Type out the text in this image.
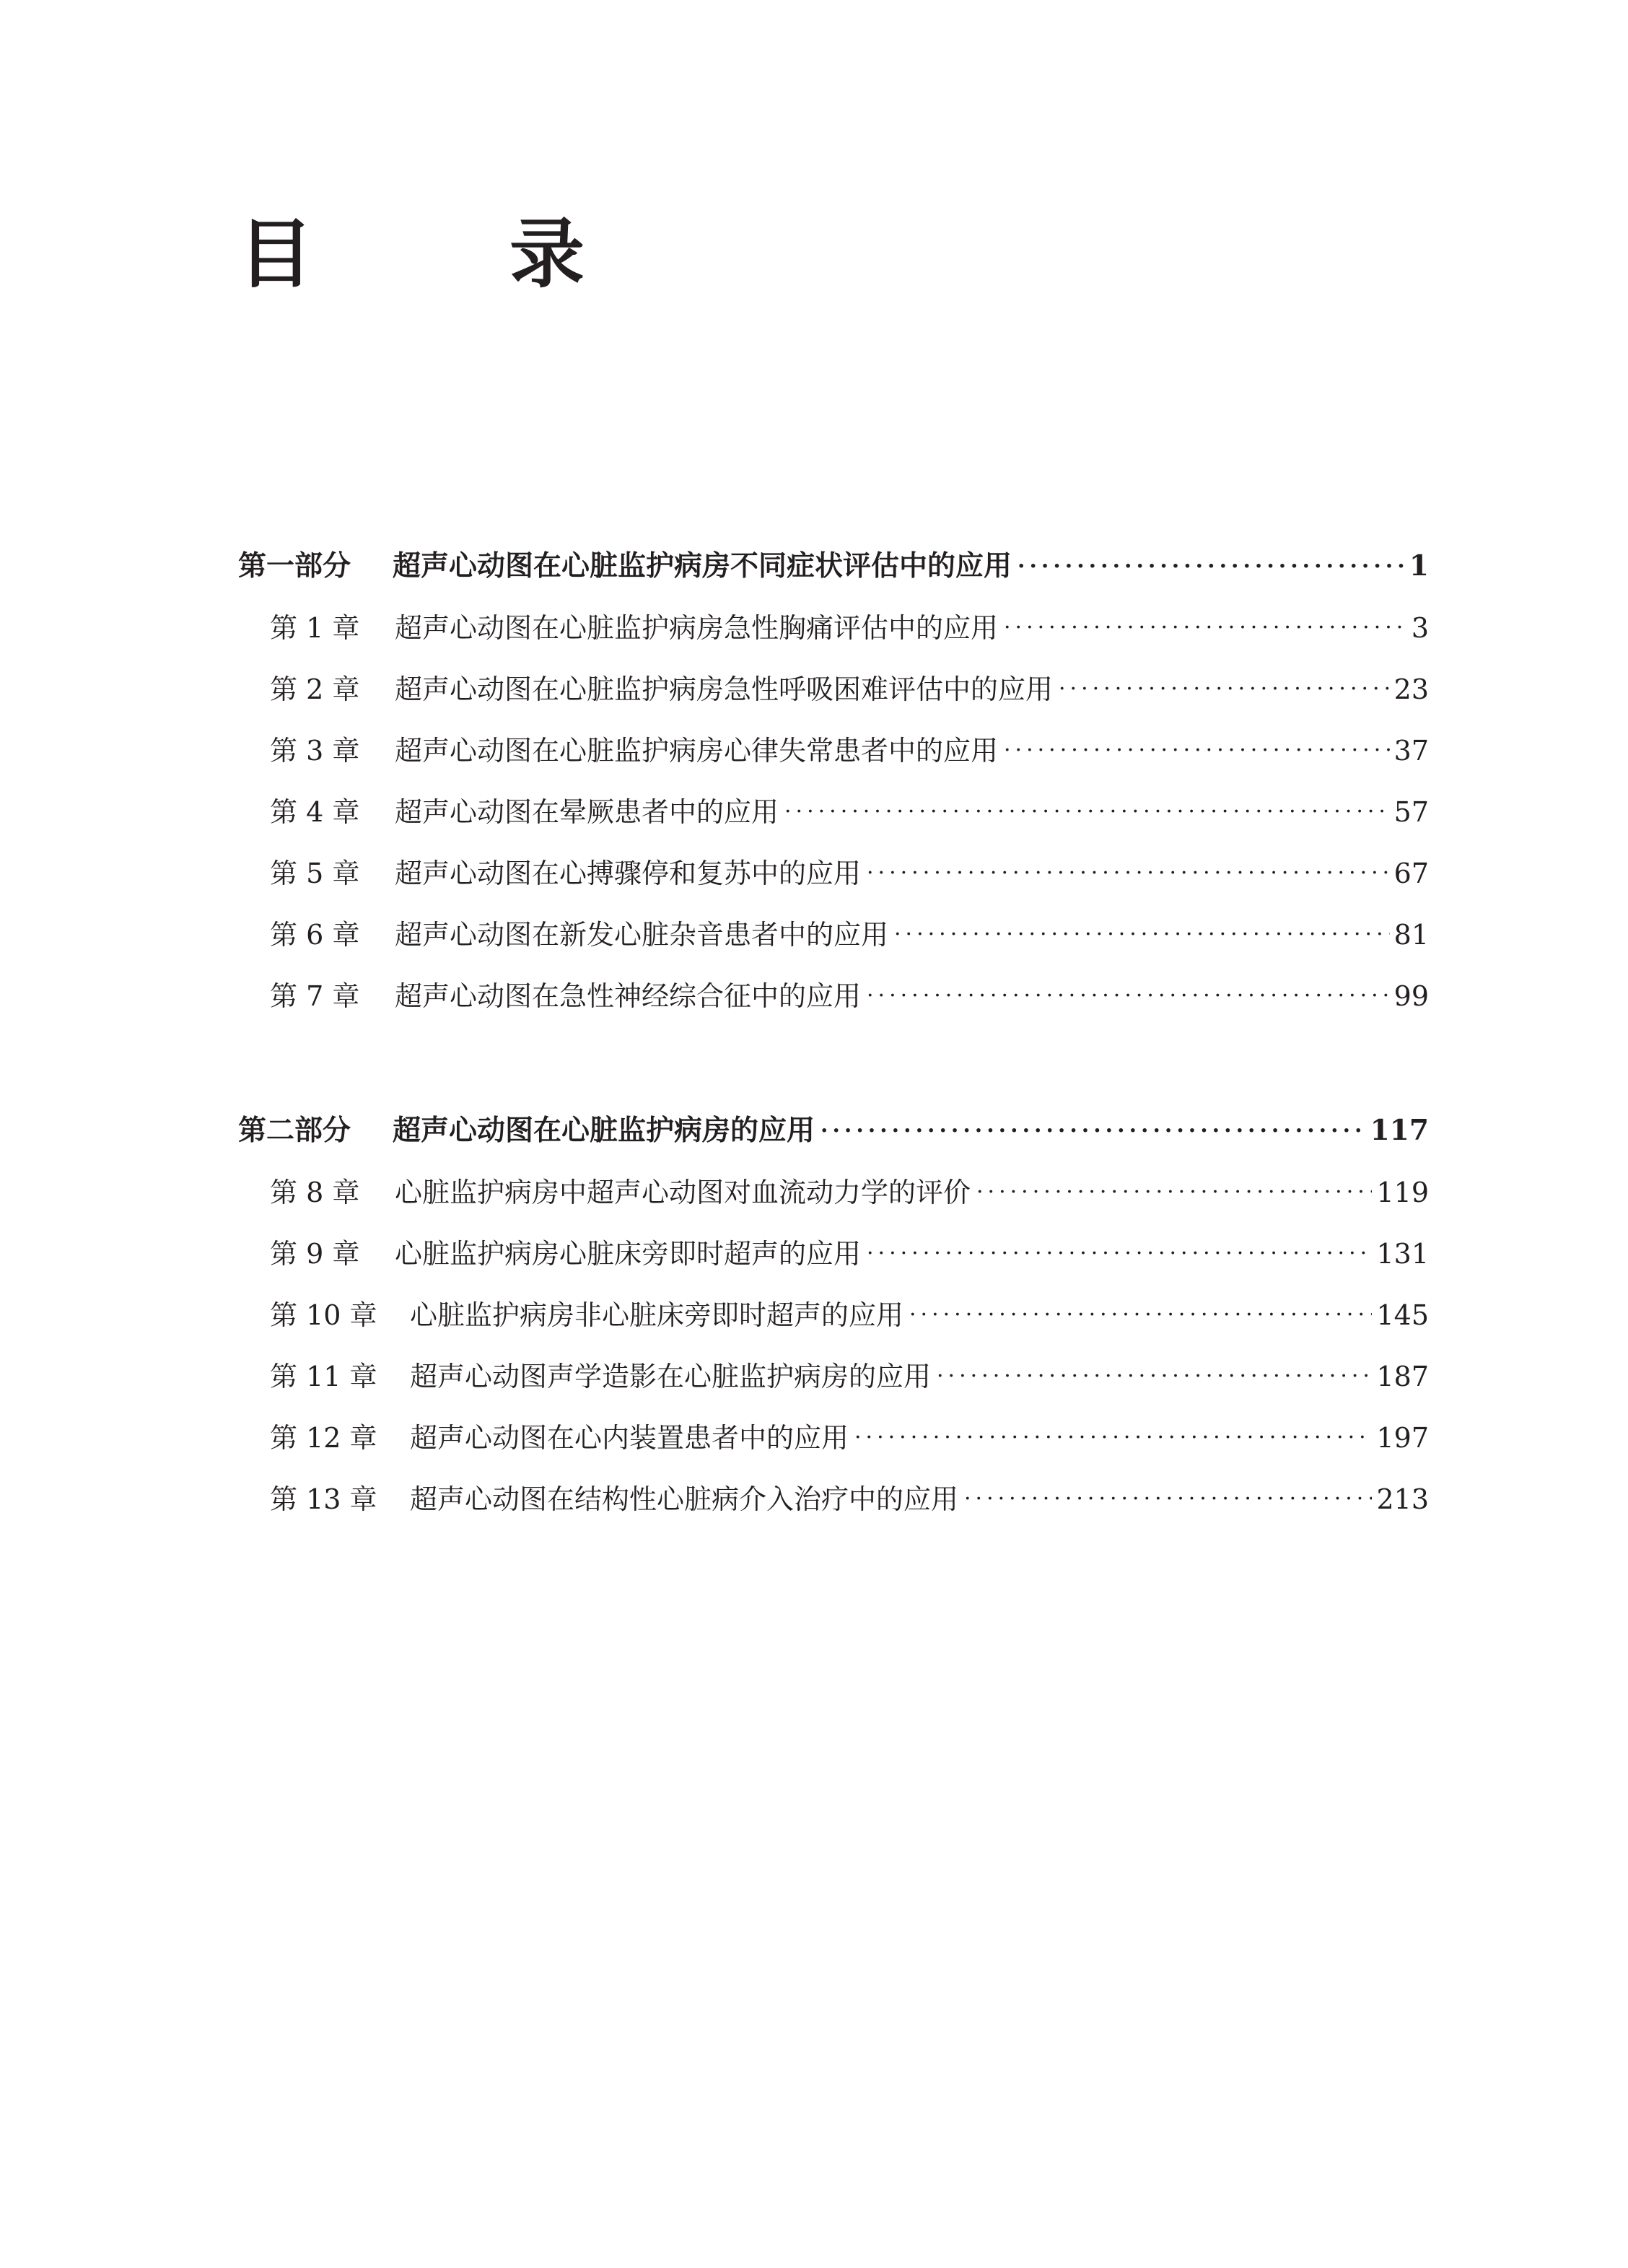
目　录
第一部分	超声心动图在心脏监护病房不同症状评估中的应用 ·····	1
第 1 章	超声心动图在心脏监护病房急性胸痛评估中的应用 ·····	3
第 2 章	超声心动图在心脏监护病房急性呼吸困难评估中的应用 ·····	23
第 3 章	超声心动图在心脏监护病房心律失常患者中的应用 ·····	37
第 4 章	超声心动图在晕厥患者中的应用 ·····	57
第 5 章	超声心动图在心搏骤停和复苏中的应用 ·····	67
第 6 章	超声心动图在新发心脏杂音患者中的应用 ·····	81
第 7 章	超声心动图在急性神经综合征中的应用 ·····	99
第二部分	超声心动图在心脏监护病房的应用 ·····	117
第 8 章	心脏监护病房中超声心动图对血流动力学的评价 ·····	119
第 9 章	心脏监护病房心脏床旁即时超声的应用 ·····	131
第 10 章	心脏监护病房非心脏床旁即时超声的应用 ·····	145
第 11 章	超声心动图声学造影在心脏监护病房的应用 ·····	187
第 12 章	超声心动图在心内装置患者中的应用 ·····	197
第 13 章	超声心动图在结构性心脏病介入治疗中的应用 ·····	213
